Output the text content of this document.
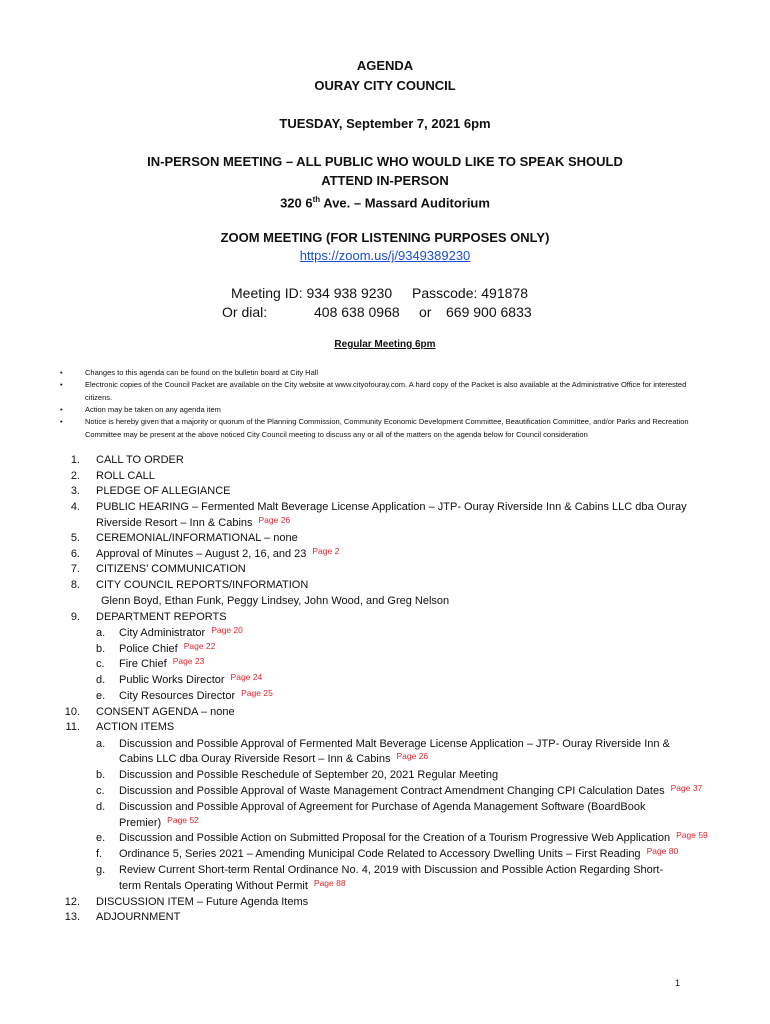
AGENDA
OURAY CITY COUNCIL
TUESDAY, September 7, 2021 6pm
IN-PERSON MEETING – ALL PUBLIC WHO WOULD LIKE TO SPEAK SHOULD
ATTEND IN-PERSON
320 6th Ave. – Massard Auditorium
ZOOM MEETING (FOR LISTENING PURPOSES ONLY)
https://zoom.us/j/9349389230
Meeting ID: 934 938 9230 Passcode: 491878
Or dial:	408 638 0968 or 669 900 6833
Regular Meeting 6pm
•	Changes to this agenda can be found on the bulletin board at City Hall
•	Electronic copies of the Council Packet are available on the City website at www.cityofouray.com. A hard copy of the Packet is also available at the Administrative Office for interested citizens.
•	Action may be taken on any agenda item
•	Notice is hereby given that a majority or quorum of the Planning Commission, Community Economic Development Committee, Beautification Committee, and/or Parks and Recreation Committee may be present at the above noticed City Council meeting to discuss any or all of the matters on the agenda below for Council consideration
1. CALL TO ORDER
2. ROLL CALL
3. PLEDGE OF ALLEGIANCE
4. PUBLIC HEARING – Fermented Malt Beverage License Application – JTP- Ouray Riverside Inn & Cabins LLC dba Ouray
Riverside Resort – Inn & Cabins $^{Page 26}$
5. CEREMONIAL/INFORMATIONAL – none
6. Approval of Minutes – August 2, 16, and 23 $^{Page 2}$
7. CITIZENS’ COMMUNICATION
8. CITY COUNCIL REPORTS/INFORMATION
Glenn Boyd, Ethan Funk, Peggy Lindsey, John Wood, and Greg Nelson
9. DEPARTMENT REPORTS
a. City Administrator $^{Page 20}$
b. Police Chief $^{Page 22}$
c. Fire Chief $^{Page 23}$
d. Public Works Director $^{Page 24}$
e. City Resources Director $^{Page 25}$
10. CONSENT AGENDA – none
11. ACTION ITEMS
a. Discussion and Possible Approval of Fermented Malt Beverage License Application – JTP- Ouray Riverside Inn &
Cabins LLC dba Ouray Riverside Resort – Inn & Cabins $^{Page 26}$
b. Discussion and Possible Reschedule of September 20, 2021 Regular Meeting
c. Discussion and Possible Approval of Waste Management Contract Amendment Changing CPI Calculation Dates $^{Page 37}$
d. Discussion and Possible Approval of Agreement for Purchase of Agenda Management Software (BoardBook
Premier) $^{Page 52}$
e. Discussion and Possible Action on Submitted Proposal for the Creation of a Tourism Progressive Web Application $^{Page 59}$
f. Ordinance 5, Series 2021 – Amending Municipal Code Related to Accessory Dwelling Units – First Reading $^{Page 80}$
g. Review Current Short-term Rental Ordinance No. 4, 2019 with Discussion and Possible Action Regarding Short-
term Rentals Operating Without Permit $^{Page 88}$
12. DISCUSSION ITEM – Future Agenda Items
13. ADJOURNMENT
1
